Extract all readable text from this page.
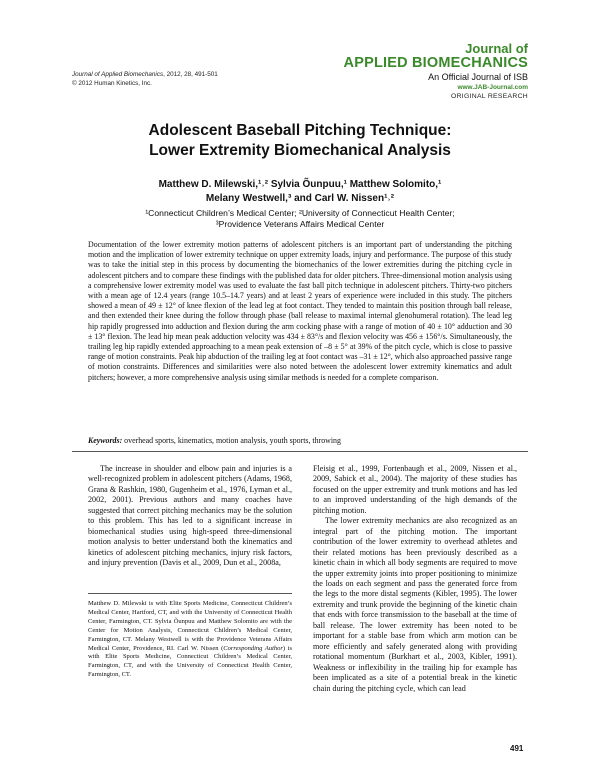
Journal of Applied Biomechanics, 2012, 28, 491-501
© 2012 Human Kinetics, Inc.
Journal of
APPLIED BIOMECHANICS
An Official Journal of ISB
www.JAB-Journal.com
ORIGINAL RESEARCH
Adolescent Baseball Pitching Technique:
Lower Extremity Biomechanical Analysis
Matthew D. Milewski,¹˒² Sylvia Õunpuu,¹ Matthew Solomito,¹
Melany Westwell,³ and Carl W. Nissen¹˒²
¹Connecticut Children’s Medical Center; ²University of Connecticut Health Center;
³Providence Veterans Affairs Medical Center
Documentation of the lower extremity motion patterns of adolescent pitchers is an important part of understanding the pitching motion and the implication of lower extremity technique on upper extremity loads, injury and performance. The purpose of this study was to take the initial step in this process by documenting the biomechanics of the lower extremities during the pitching cycle in adolescent pitchers and to compare these findings with the published data for older pitchers. Three-dimensional motion analysis using a comprehensive lower extremity model was used to evaluate the fast ball pitch technique in adolescent pitchers. Thirty-two pitchers with a mean age of 12.4 years (range 10.5–14.7 years) and at least 2 years of experience were included in this study. The pitchers showed a mean of 49 ± 12° of knee flexion of the lead leg at foot contact. They tended to maintain this position through ball release, and then extended their knee during the follow through phase (ball release to maximal internal glenohumeral rotation). The lead leg hip rapidly progressed into adduction and flexion during the arm cocking phase with a range of motion of 40 ± 10° adduction and 30 ± 13° flexion. The lead hip mean peak adduction velocity was 434 ± 83°/s and flexion velocity was 456 ± 156°/s. Simultaneously, the trailing leg hip rapidly extended approaching to a mean peak extension of –8 ± 5° at 39% of the pitch cycle, which is close to passive range of motion constraints. Peak hip abduction of the trailing leg at foot contact was –31 ± 12°, which also approached passive range of motion constraints. Differences and similarities were also noted between the adolescent lower extremity kinematics and adult pitchers; however, a more comprehensive analysis using similar methods is needed for a complete comparison.
Keywords: overhead sports, kinematics, motion analysis, youth sports, throwing

The increase in shoulder and elbow pain and injuries is a well-recognized problem in adolescent pitchers (Adams, 1968, Grana & Rashkin, 1980, Gugenheim et al., 1976, Lyman et al., 2002, 2001). Previous authors and many coaches have suggested that correct pitching mechanics may be the solution to this problem. This has led to a significant increase in biomechanical studies using high-speed three-dimensional motion analysis to better understand both the kinematics and kinetics of adolescent pitching mechanics, injury risk factors, and injury prevention (Davis et al., 2009, Dun et al., 2008a,

Fleisig et al., 1999, Fortenbaugh et al., 2009, Nissen et al., 2009, Sabick et al., 2004). The majority of these studies has focused on the upper extremity and trunk motions and has led to an improved understanding of the high demands of the pitching motion.

The lower extremity mechanics are also recognized as an integral part of the pitching motion. The important contribution of the lower extremity to overhead athletes and their related motions has been previously described as a kinetic chain in which all body segments are required to move the upper extremity joints into proper positioning to minimize the loads on each segment and pass the generated force from the legs to the more distal segments (Kibler, 1995). The lower extremity and trunk provide the beginning of the kinetic chain that ends with force transmission to the baseball at the time of ball release. The lower extremity has been noted to be important for a stable base from which arm motion can be more efficiently and safely generated along with providing rotational momentum (Burkhart et al., 2003, Kibler, 1991). Weakness or inflexibility in the trailing hip for example has been implicated as a site of a potential break in the kinetic chain during the pitching cycle, which can lead

Matthew D. Milewski is with Elite Sports Medicine, Connecticut Children’s Medical Center, Hartford, CT, and with the University of Connecticut Health Center, Farmington, CT. Sylvia Õunpuu and Matthew Solomito are with the Center for Motion Analysis, Connecticut Children’s Medical Center, Farmington, CT. Melany Westwell is with the Providence Veterans Affairs Medical Center, Providence, RI. Carl W. Nissen (Corresponding Author) is with Elite Sports Medicine, Connecticut Children’s Medical Center, Farmington, CT, and with the University of Connecticut Health Center, Farmington, CT.
491
